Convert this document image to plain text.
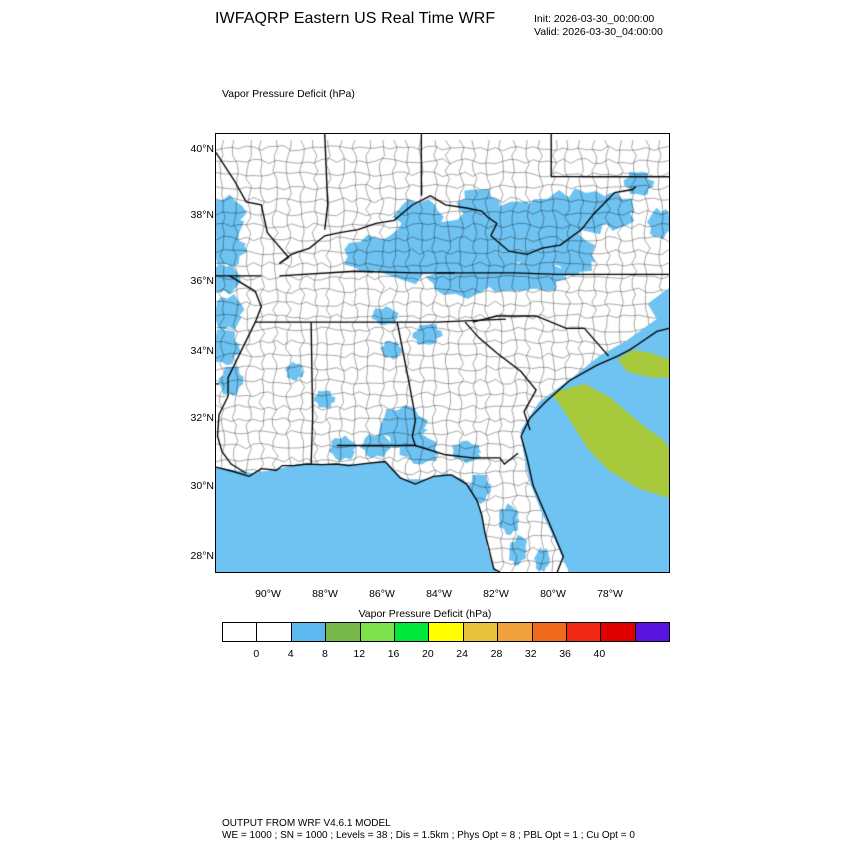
IWFAQRP Eastern US Real Time WRF	Init: 2026-03-30_00:00:00
Valid: 2026-03-30_04:00:00
Vapor Pressure Deficit (hPa)
40°N
38°N
36°N
34°N
32°N
30°N
28°N
90°W	88°W	86°W	84°W	82°W	80°W	78°W
Vapor Pressure Deficit (hPa)
0	4	8	12	16	20	24	28	32	36	40
OUTPUT FROM WRF V4.6.1 MODEL
WE = 1000 ; SN = 1000 ; Levels = 38 ; Dis = 1.5km ; Phys Opt = 8 ; PBL Opt = 1 ; Cu Opt = 0
